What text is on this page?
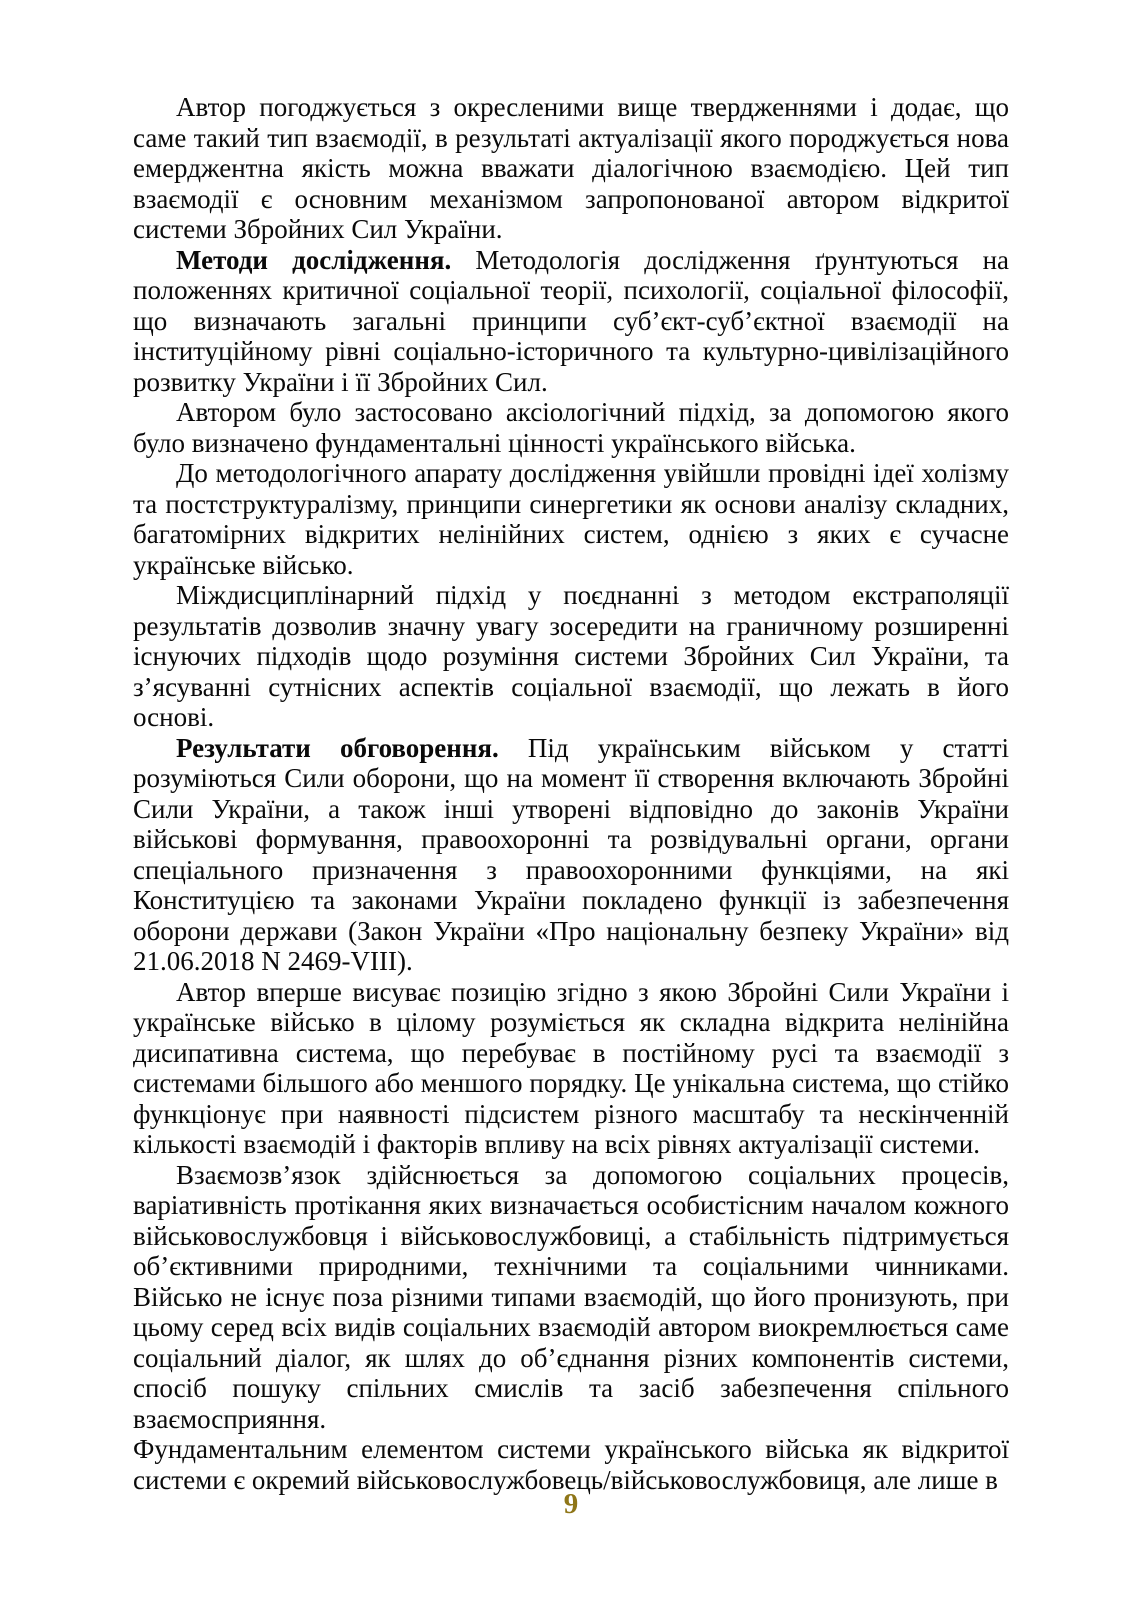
Автор погоджується з окресленими вище твердженнями і додає, що саме такий тип взаємодії, в результаті актуалізації якого породжується нова емерджентна якість можна вважати діалогічною взаємодією. Цей тип взаємодії є основним механізмом запропонованої автором відкритої системи Збройних Сил України.

Методи дослідження. Методологія дослідження ґрунтуються на положеннях критичної соціальної теорії, психології, соціальної філософії, що визначають загальні принципи суб’єкт-суб’єктної взаємодії на інституційному рівні соціально-історичного та культурно-цивілізаційного розвитку України і її Збройних Сил.

Автором було застосовано аксіологічний підхід, за допомогою якого було визначено фундаментальні цінності українського війська.

До методологічного апарату дослідження увійшли провідні ідеї холізму та постструктуралізму, принципи синергетики як основи аналізу складних, багатомірних відкритих нелінійних систем, однією з яких є сучасне українське військо.

Міждисциплінарний підхід у поєднанні з методом екстраполяції результатів дозволив значну увагу зосередити на граничному розширенні існуючих підходів щодо розуміння системи Збройних Сил України, та з’ясуванні сутнісних аспектів соціальної взаємодії, що лежать в його основі.

Результати обговорення. Під українським військом у статті розуміються Сили оборони, що на момент її створення включають Збройні Сили України, а також інші утворені відповідно до законів України військові формування, правоохоронні та розвідувальні органи, органи спеціального призначення з правоохоронними функціями, на які Конституцією та законами України покладено функції із забезпечення оборони держави (Закон України «Про національну безпеку України» від 21.06.2018 N 2469-VIII).

Автор вперше висуває позицію згідно з якою Збройні Сили України і українське військо в цілому розуміється як складна відкрита нелінійна дисипативна система, що перебуває в постійному русі та взаємодії з системами більшого або меншого порядку. Це унікальна система, що стійко функціонує при наявності підсистем різного масштабу та нескінченній кількості взаємодій і факторів впливу на всіх рівнях актуалізації системи.

Взаємозв’язок здійснюється за допомогою соціальних процесів, варіативність протікання яких визначається особистісним началом кожного військовослужбовця і військовослужбовиці, а стабільність підтримується об’єктивними природними, технічними та соціальними чинниками. Військо не існує поза різними типами взаємодій, що його пронизують, при цьому серед всіх видів соціальних взаємодій автором виокремлюється саме соціальний діалог, як шлях до об’єднання різних компонентів системи, спосіб пошуку спільних смислів та засіб забезпечення спільного взаємосприяння.

Фундаментальним елементом системи українського війська як відкритої системи є окремий військовослужбовець/військовослужбовиця, але лише в

9
